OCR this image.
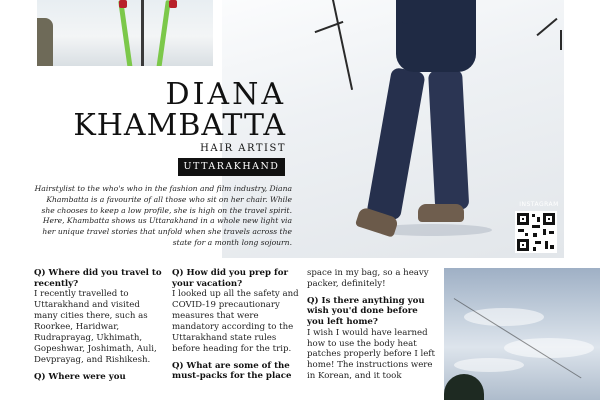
INSTAGRAM
DIANA
KHAMBATTA
HAIR ARTIST
UTTARAKHAND
Hairstylist to the who's who in the fashion and film industry, Diana Khambatta is a favourite of all those who sit on her chair. While she chooses to keep a low profile, she is high on the travel spirit. Here, Khambatta shows us Uttarakhand in a whole new light via her unique travel stories that unfold when she travels across the state for a month long sojourn.
Q) Where did you travel to recently?
I recently travelled to Uttarakhand and visited many cities there, such as Roorkee, Haridwar, Rudraprayag, Ukhimath, Gopeshwar, Joshimath, Auli, Devprayag, and Rishikesh.
Q) Where were you
Q) How did you prep for your vacation?
I looked up all the safety and COVID-19 precautionary measures that were mandatory according to the Uttarakhand state rules before heading for the trip.
Q) What are some of the must-packs for the place
space in my bag, so a heavy packer, definitely!
Q) Is there anything you wish you'd done before you left home?
I wish I would have learned how to use the body heat patches properly before I left home! The instructions were in Korean, and it took
